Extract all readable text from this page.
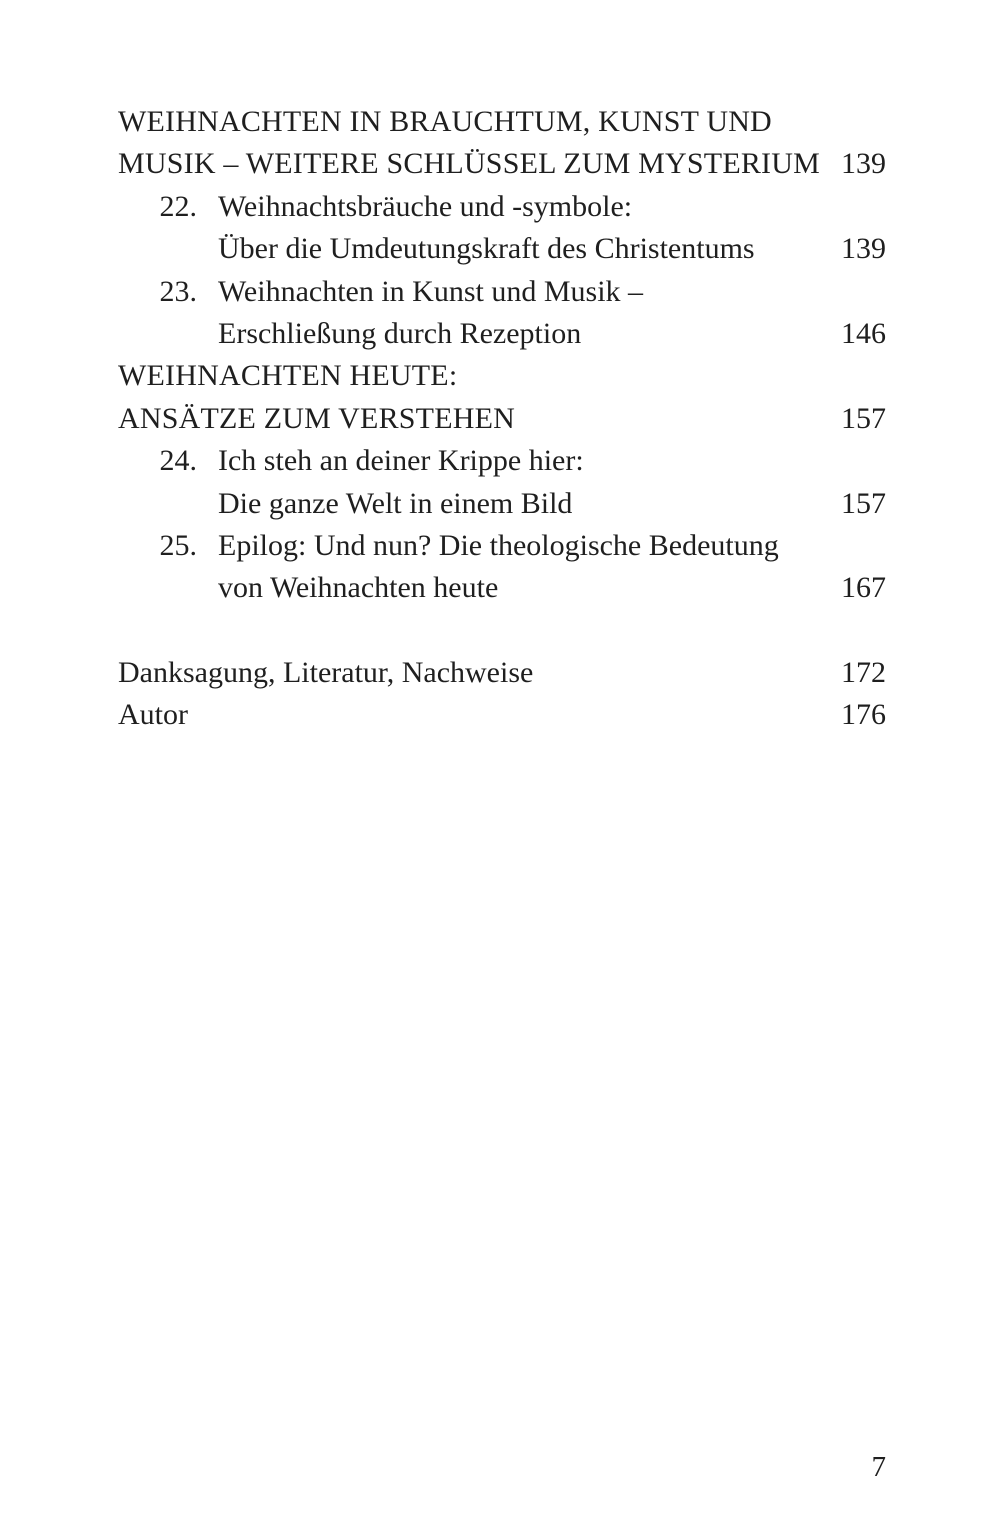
WEIHNACHTEN IN BRAUCHTUM, KUNST UND
MUSIK – WEITERE SCHLÜSSEL ZUM MYSTERIUM 139
22. Weihnachtsbräuche und -symbole:
Über die Umdeutungskraft des Christentums	139
23. Weihnachten in Kunst und Musik –
Erschließung durch Rezeption	146
WEIHNACHTEN HEUTE:
ANSÄTZE ZUM VERSTEHEN	157
24. Ich steh an deiner Krippe hier:
Die ganze Welt in einem Bild	157
25. Epilog: Und nun? Die theologische Bedeutung
von Weihnachten heute	167
Danksagung, Literatur, Nachweise	172
Autor	176
7
